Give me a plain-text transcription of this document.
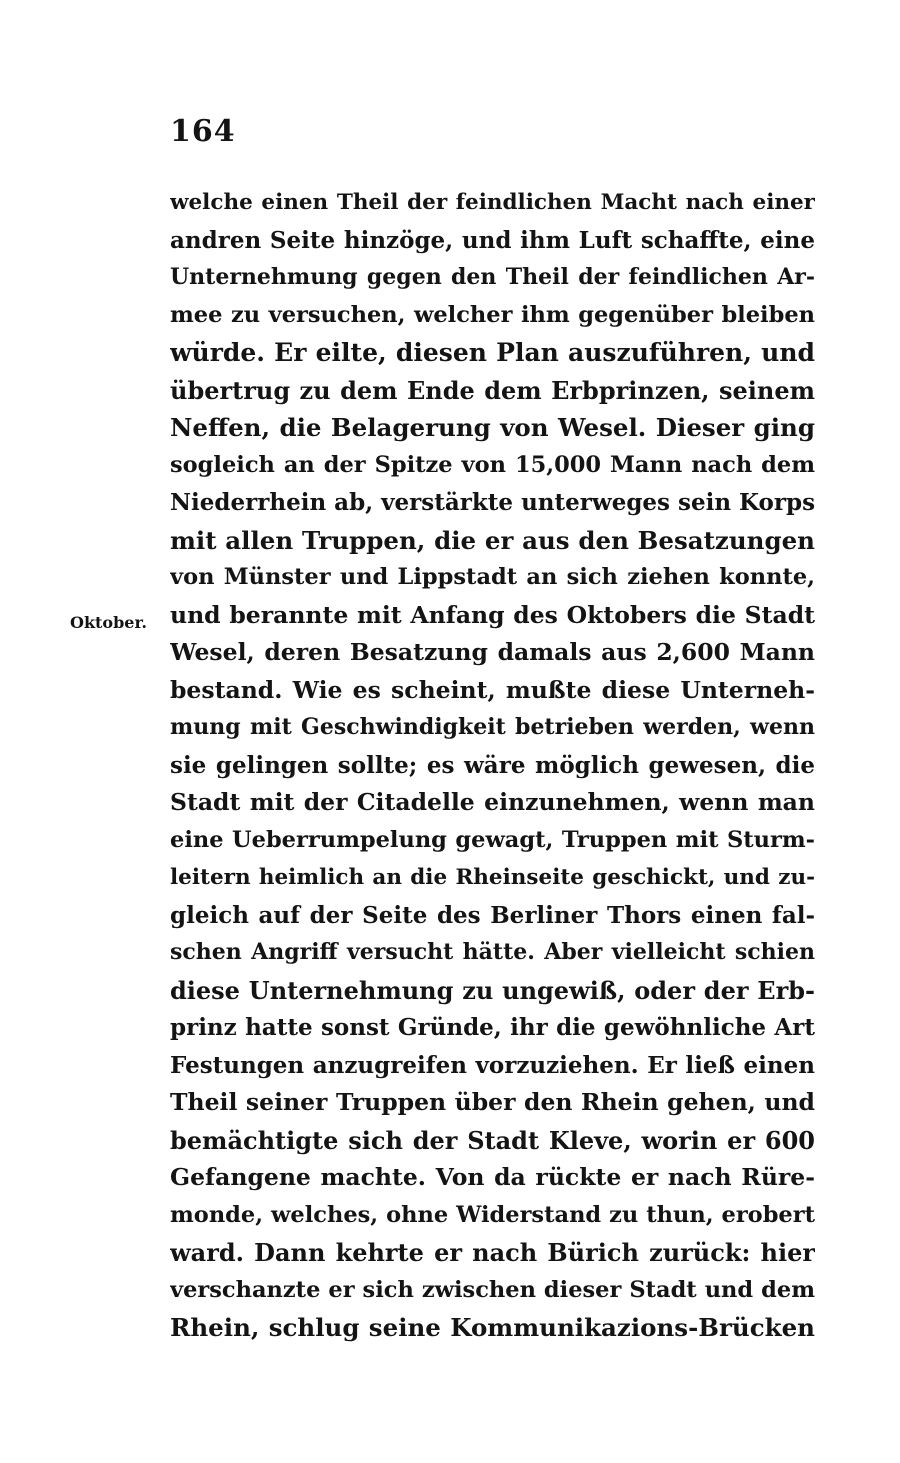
164
Oktober.
welche einen Theil der feindlichen Macht nach einer
andren Seite hinzöge, und ihm Luft schaffte, eine
Unternehmung gegen den Theil der feindlichen Ar-
mee zu versuchen, welcher ihm gegenüber bleiben
würde. Er eilte, diesen Plan auszuführen, und
übertrug zu dem Ende dem Erbprinzen, seinem
Neffen, die Belagerung von Wesel. Dieser ging
sogleich an der Spitze von 15,000 Mann nach dem
Niederrhein ab, verstärkte unterweges sein Korps
mit allen Truppen, die er aus den Besatzungen
von Münster und Lippstadt an sich ziehen konnte,
und berannte mit Anfang des Oktobers die Stadt
Wesel, deren Besatzung damals aus 2,600 Mann
bestand. Wie es scheint, mußte diese Unterneh-
mung mit Geschwindigkeit betrieben werden, wenn
sie gelingen sollte; es wäre möglich gewesen, die
Stadt mit der Citadelle einzunehmen, wenn man
eine Ueberrumpelung gewagt, Truppen mit Sturm-
leitern heimlich an die Rheinseite geschickt, und zu-
gleich auf der Seite des Berliner Thors einen fal-
schen Angriff versucht hätte. Aber vielleicht schien
diese Unternehmung zu ungewiß, oder der Erb-
prinz hatte sonst Gründe, ihr die gewöhnliche Art
Festungen anzugreifen vorzuziehen. Er ließ einen
Theil seiner Truppen über den Rhein gehen, und
bemächtigte sich der Stadt Kleve, worin er 600
Gefangene machte. Von da rückte er nach Rüre-
monde, welches, ohne Widerstand zu thun, erobert
ward. Dann kehrte er nach Bürich zurück: hier
verschanzte er sich zwischen dieser Stadt und dem
Rhein, schlug seine Kommunikazions-Brücken
